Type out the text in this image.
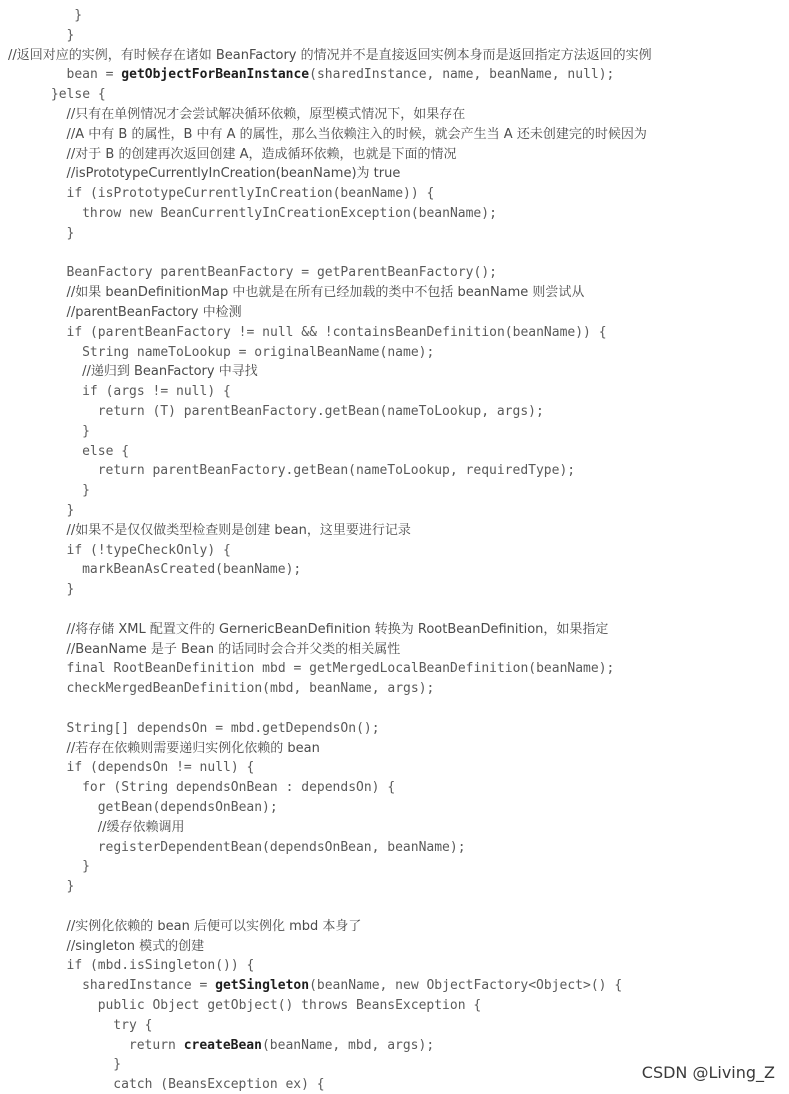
}
}
//返回对应的实例，有时候存在诸如 BeanFactory 的情况并不是直接返回实例本身而是返回指定方法返回的实例
bean = getObjectForBeanInstance(sharedInstance, name, beanName, null);
}else {
//只有在单例情况才会尝试解决循环依赖，原型模式情况下，如果存在
//A 中有 B 的属性，B 中有 A 的属性，那么当依赖注入的时候，就会产生当 A 还未创建完的时候因为
//对于 B 的创建再次返回创建 A，造成循环依赖，也就是下面的情况
//isPrototypeCurrentlyInCreation(beanName)为 true
if (isPrototypeCurrentlyInCreation(beanName)) {
throw new BeanCurrentlyInCreationException(beanName);
}
BeanFactory parentBeanFactory = getParentBeanFactory();
//如果 beanDefinitionMap 中也就是在所有已经加载的类中不包括 beanName 则尝试从
//parentBeanFactory 中检测
if (parentBeanFactory != null && !containsBeanDefinition(beanName)) {
String nameToLookup = originalBeanName(name);
//递归到 BeanFactory 中寻找
if (args != null) {
return (T) parentBeanFactory.getBean(nameToLookup, args);
}
else {
return parentBeanFactory.getBean(nameToLookup, requiredType);
}
}
//如果不是仅仅做类型检查则是创建 bean，这里要进行记录
if (!typeCheckOnly) {
markBeanAsCreated(beanName);
}
//将存储 XML 配置文件的 GernericBeanDefinition 转换为 RootBeanDefinition，如果指定
//BeanName 是子 Bean 的话同时会合并父类的相关属性
final RootBeanDefinition mbd = getMergedLocalBeanDefinition(beanName);
checkMergedBeanDefinition(mbd, beanName, args);
String[] dependsOn = mbd.getDependsOn();
//若存在依赖则需要递归实例化依赖的 bean
if (dependsOn != null) {
for (String dependsOnBean : dependsOn) {
getBean(dependsOnBean);
//缓存依赖调用
registerDependentBean(dependsOnBean, beanName);
}
}
//实例化依赖的 bean 后便可以实例化 mbd 本身了
//singleton 模式的创建
if (mbd.isSingleton()) {
sharedInstance = getSingleton(beanName, new ObjectFactory<Object>() {
public Object getObject() throws BeansException {
try {
return createBean(beanName, mbd, args);
}
catch (BeansException ex) {
CSDN @Living_Z
